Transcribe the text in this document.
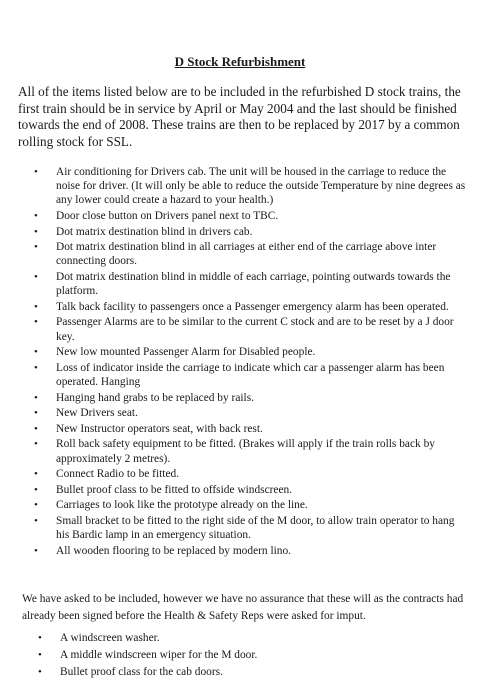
D Stock Refurbishment

All of the items listed below are to be included in the refurbished D stock trains, the first train should be in service by April or May 2004 and the last should be finished towards the end of 2008. These trains are then to be replaced by 2017 by a common rolling stock for SSL.

• Air conditioning for Drivers cab. The unit will be housed in the carriage to reduce the noise for driver. (It will only be able to reduce the outside Temperature by nine degrees as any lower could create a hazard to your health.)
• Door close button on Drivers panel next to TBC.
• Dot matrix destination blind in drivers cab.
• Dot matrix destination blind in all carriages at either end of the carriage above inter connecting doors.
• Dot matrix destination blind in middle of each carriage, pointing outwards towards the platform.
• Talk back facility to passengers once a Passenger emergency alarm has been operated.
• Passenger Alarms are to be similar to the current C stock and are to be reset by a J door key.
• New low mounted Passenger Alarm for Disabled people.
• Loss of indicator inside the carriage to indicate which car a passenger alarm has been operated. Hanging
• Hanging hand grabs to be replaced by rails.
• New Drivers seat.
• New Instructor operators seat, with back rest.
• Roll back safety equipment to be fitted. (Brakes will apply if the train rolls back by approximately 2 metres).
• Connect Radio to be fitted.
• Bullet proof class to be fitted to offside windscreen.
• Carriages to look like the prototype already on the line.
• Small bracket to be fitted to the right side of the M door, to allow train operator to hang his Bardic lamp in an emergency situation.
• All wooden flooring to be replaced by modern lino.

We have asked to be included, however we have no assurance that these will as the contracts had already been signed before the Health & Safety Reps were asked for imput.

• A windscreen washer.
• A middle windscreen wiper for the M door.
• Bullet proof class for the cab doors.
